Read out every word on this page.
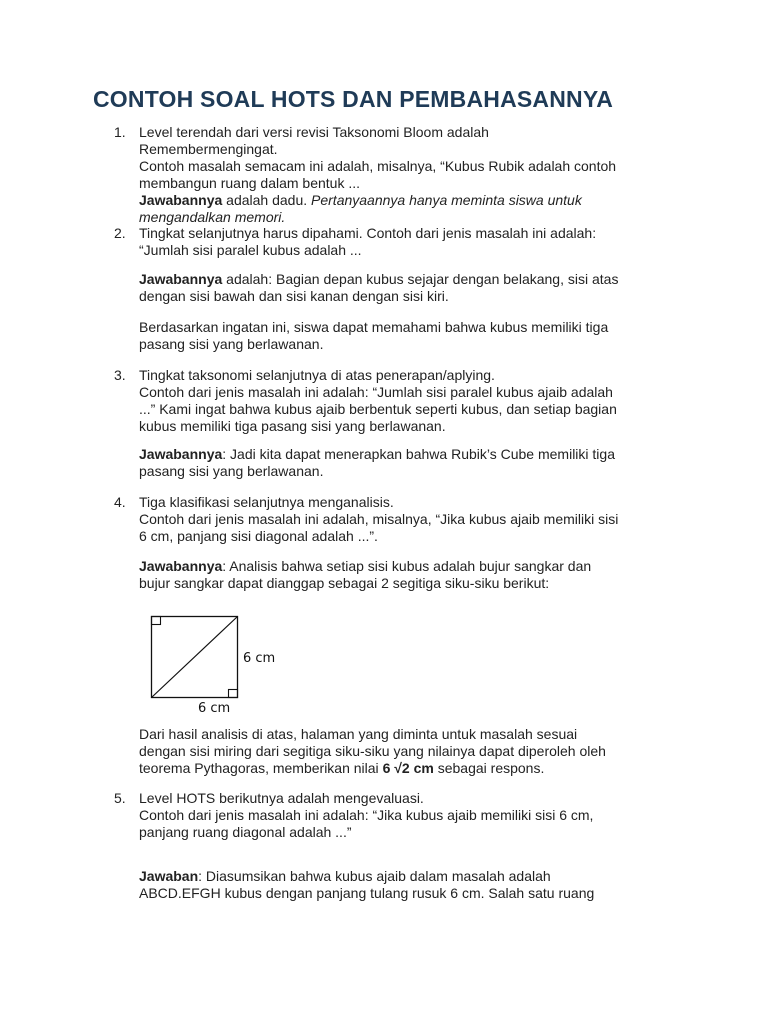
CONTOH SOAL HOTS DAN PEMBAHASANNYA
1. Level terendah dari versi revisi Taksonomi Bloom adalah
Remembermengingat.
Contoh masalah semacam ini adalah, misalnya, “Kubus Rubik adalah contoh
membangun ruang dalam bentuk ...
Jawabannya adalah dadu. Pertanyaannya hanya meminta siswa untuk
mengandalkan memori.
2. Tingkat selanjutnya harus dipahami. Contoh dari jenis masalah ini adalah:
“Jumlah sisi paralel kubus adalah ...
Jawabannya adalah: Bagian depan kubus sejajar dengan belakang, sisi atas
dengan sisi bawah dan sisi kanan dengan sisi kiri.
Berdasarkan ingatan ini, siswa dapat memahami bahwa kubus memiliki tiga
pasang sisi yang berlawanan.
3. Tingkat taksonomi selanjutnya di atas penerapan/aplying.
Contoh dari jenis masalah ini adalah: “Jumlah sisi paralel kubus ajaib adalah
...” Kami ingat bahwa kubus ajaib berbentuk seperti kubus, dan setiap bagian
kubus memiliki tiga pasang sisi yang berlawanan.
Jawabannya: Jadi kita dapat menerapkan bahwa Rubik’s Cube memiliki tiga
pasang sisi yang berlawanan.
4. Tiga klasifikasi selanjutnya menganalisis.
Contoh dari jenis masalah ini adalah, misalnya, “Jika kubus ajaib memiliki sisi
6 cm, panjang sisi diagonal adalah ...”.
Jawabannya: Analisis bahwa setiap sisi kubus adalah bujur sangkar dan
bujur sangkar dapat dianggap sebagai 2 segitiga siku-siku berikut:
6 cm
6 cm
Dari hasil analisis di atas, halaman yang diminta untuk masalah sesuai
dengan sisi miring dari segitiga siku-siku yang nilainya dapat diperoleh oleh
teorema Pythagoras, memberikan nilai 6 √2 cm sebagai respons.
5. Level HOTS berikutnya adalah mengevaluasi.
Contoh dari jenis masalah ini adalah: “Jika kubus ajaib memiliki sisi 6 cm,
panjang ruang diagonal adalah ...”
Jawaban: Diasumsikan bahwa kubus ajaib dalam masalah adalah
ABCD.EFGH kubus dengan panjang tulang rusuk 6 cm. Salah satu ruang
